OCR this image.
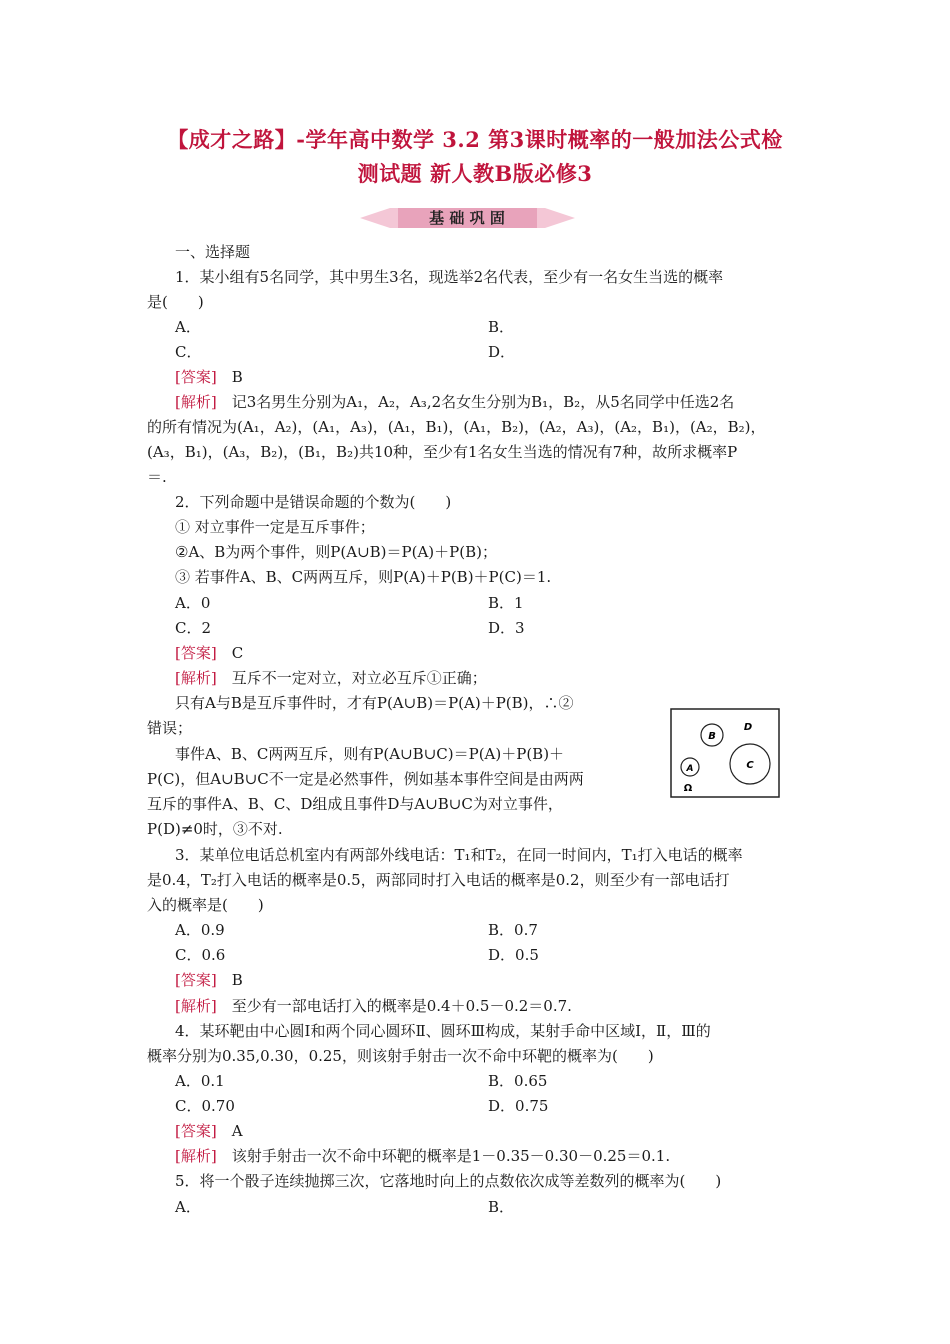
【成才之路】-学年高中数学 3.2 第3课时概率的一般加法公式检
测试题 新人教B版必修3
基 础 巩 固
一、选择题
1．某小组有5名同学，其中男生3名，现选举2名代表，至少有一名女生当选的概率
是(　　)
A．	B．
C．	D．
[答案]　 B
[解析]　 记3名男生分别为A₁，A₂，A₃,2名女生分别为B₁，B₂，从5名同学中任选2名
的所有情况为(A₁，A₂)，(A₁，A₃)，(A₁，B₁)，(A₁，B₂)，(A₂，A₃)，(A₂，B₁)，(A₂，B₂)，
(A₃，B₁)，(A₃，B₂)，(B₁，B₂)共10种，至少有1名女生当选的情况有7种，故所求概率P
＝.
2．下列命题中是错误命题的个数为(　　)
① 对立事件一定是互斥事件；
②A、B为两个事件，则P(A∪B)＝P(A)＋P(B)；
③ 若事件A、B、C两两互斥，则P(A)＋P(B)＋P(C)＝1.
A．0	B．1
C．2	D．3
[答案]　 C
[解析]　 互斥不一定对立，对立必互斥①正确；
只有A与B是互斥事件时，才有P(A∪B)＝P(A)＋P(B)，∴②
错误；
事件A、B、C两两互斥，则有P(A∪B∪C)＝P(A)＋P(B)＋
P(C)，但A∪B∪C不一定是必然事件，例如基本事件空间是由两两
互斥的事件A、B、C、D组成且事件D与A∪B∪C为对立事件，
P(D)≠0时，③不对.
B
D
A	C
Ω
3．某单位电话总机室内有两部外线电话：T₁和T₂，在同一时间内，T₁打入电话的概率
是0.4，T₂打入电话的概率是0.5，两部同时打入电话的概率是0.2，则至少有一部电话打
入的概率是(　　)
A．0.9	B．0.7
C．0.6	D．0.5
[答案]　 B
[解析]　 至少有一部电话打入的概率是0.4＋0.5－0.2＝0.7.
4．某环靶由中心圆Ⅰ和两个同心圆环Ⅱ、圆环Ⅲ构成，某射手命中区域Ⅰ，Ⅱ，Ⅲ的
概率分别为0.35,0.30，0.25，则该射手射击一次不命中环靶的概率为(　　)
A．0.1	B．0.65
C．0.70	D．0.75
[答案]　 A
[解析]　 该射手射击一次不命中环靶的概率是1－0.35－0.30－0.25＝0.1.
5．将一个骰子连续抛掷三次，它落地时向上的点数依次成等差数列的概率为(　　)
A．	B．
